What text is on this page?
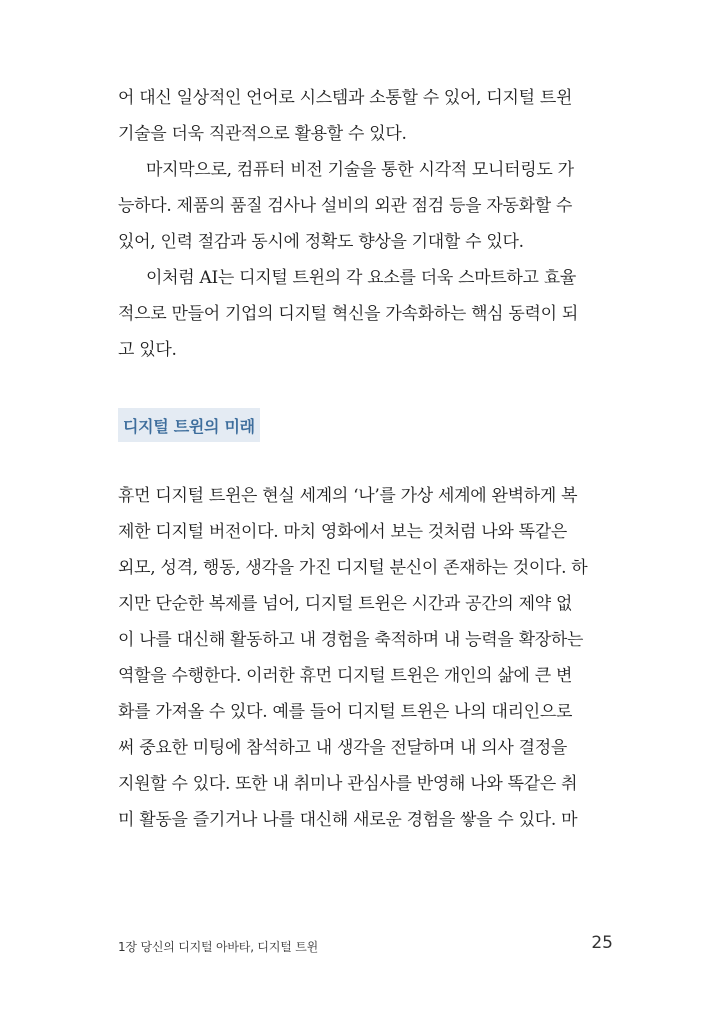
어 대신 일상적인 언어로 시스템과 소통할 수 있어, 디지털 트윈
기술을 더욱 직관적으로 활용할 수 있다.
마지막으로, 컴퓨터 비전 기술을 통한 시각적 모니터링도 가
능하다. 제품의 품질 검사나 설비의 외관 점검 등을 자동화할 수
있어, 인력 절감과 동시에 정확도 향상을 기대할 수 있다.
이처럼 AI는 디지털 트윈의 각 요소를 더욱 스마트하고 효율
적으로 만들어 기업의 디지털 혁신을 가속화하는 핵심 동력이 되
고 있다.
디지털 트윈의 미래
휴먼 디지털 트윈은 현실 세계의 ‘나’를 가상 세계에 완벽하게 복
제한 디지털 버전이다. 마치 영화에서 보는 것처럼 나와 똑같은
외모, 성격, 행동, 생각을 가진 디지털 분신이 존재하는 것이다. 하
지만 단순한 복제를 넘어, 디지털 트윈은 시간과 공간의 제약 없
이 나를 대신해 활동하고 내 경험을 축적하며 내 능력을 확장하는
역할을 수행한다. 이러한 휴먼 디지털 트윈은 개인의 삶에 큰 변
화를 가져올 수 있다. 예를 들어 디지털 트윈은 나의 대리인으로
써 중요한 미팅에 참석하고 내 생각을 전달하며 내 의사 결정을
지원할 수 있다. 또한 내 취미나 관심사를 반영해 나와 똑같은 취
미 활동을 즐기거나 나를 대신해 새로운 경험을 쌓을 수 있다. 마
1장 당신의 디지털 아바타, 디지털 트윈	25
